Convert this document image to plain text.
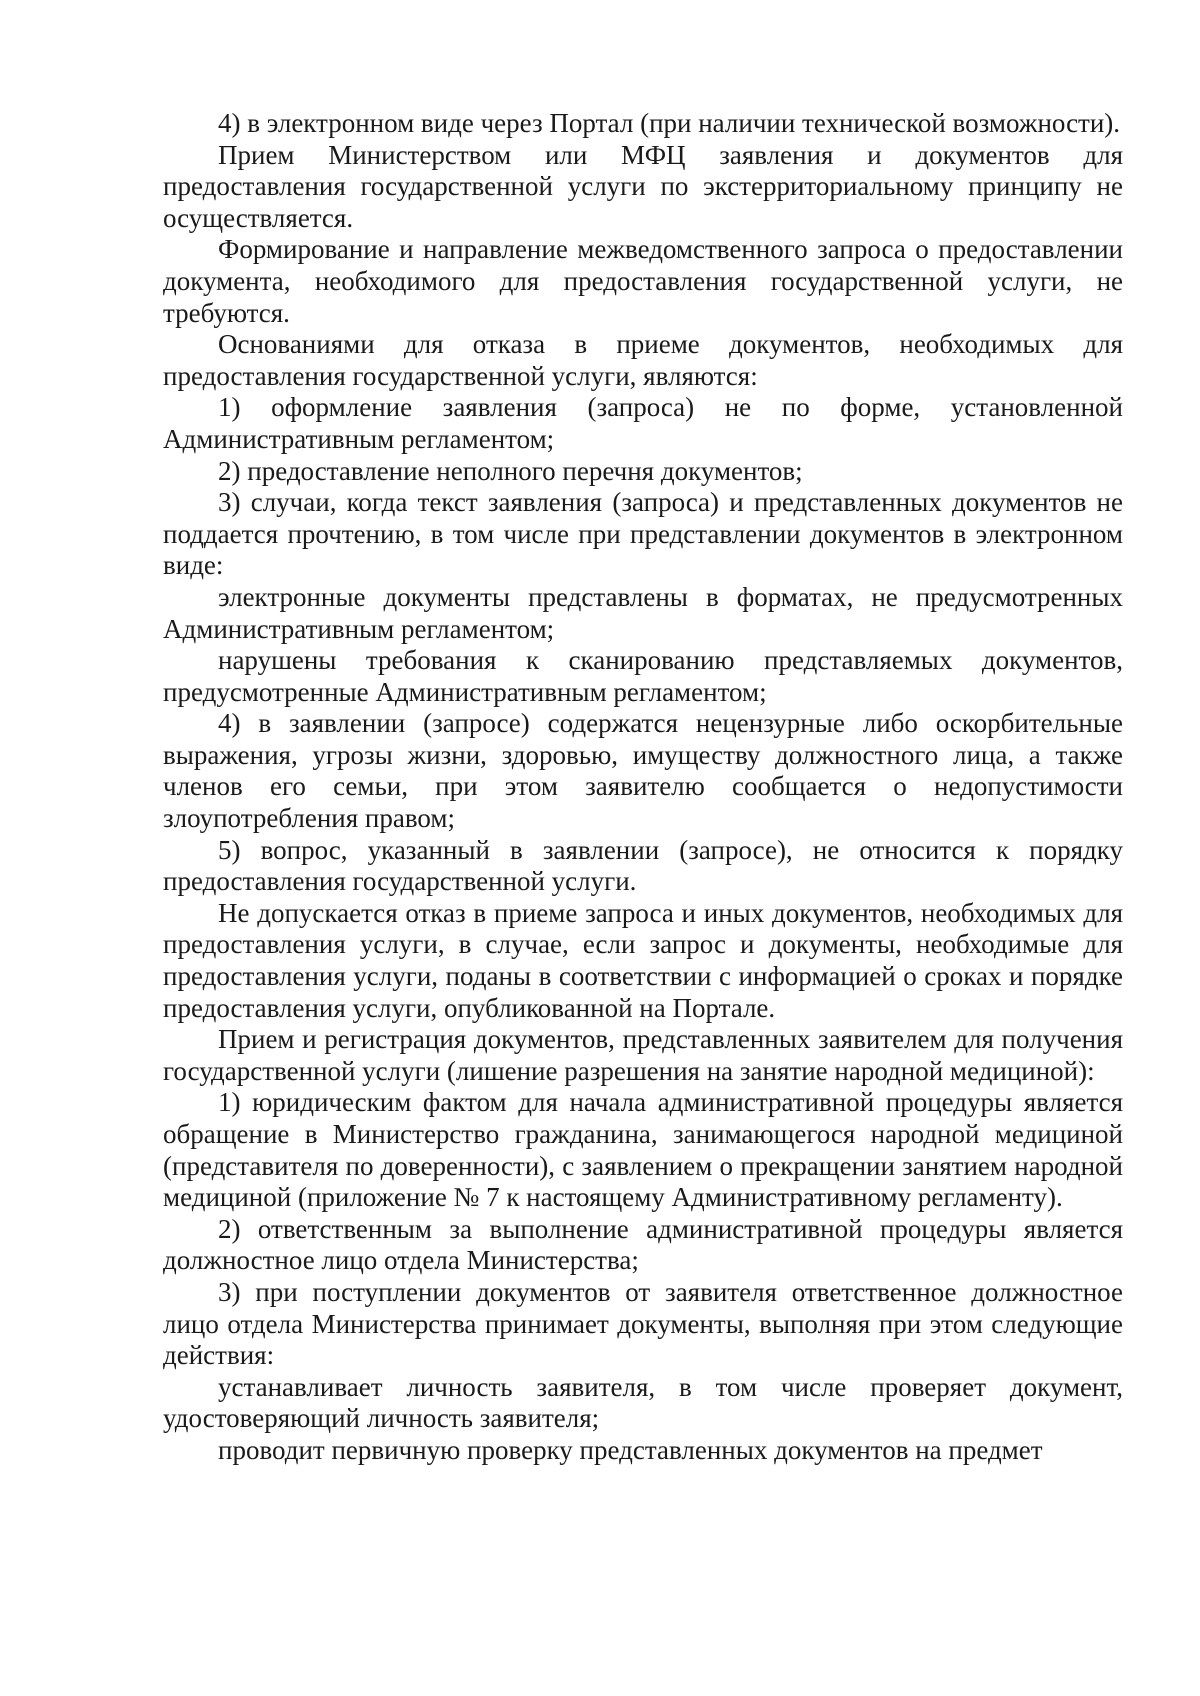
4) в электронном виде через Портал (при наличии технической возможности).

Прием Министерством или МФЦ заявления и документов для предоставления государственной услуги по экстерриториальному принципу не осуществляется.

Формирование и направление межведомственного запроса о предоставлении документа, необходимого для предоставления государственной услуги, не требуются.

Основаниями для отказа в приеме документов, необходимых для предоставления государственной услуги, являются:

1) оформление заявления (запроса) не по форме, установленной Административным регламентом;

2) предоставление неполного перечня документов;

3) случаи, когда текст заявления (запроса) и представленных документов не поддается прочтению, в том числе при представлении документов в электронном виде:

электронные документы представлены в форматах, не предусмотренных Административным регламентом;

нарушены требования к сканированию представляемых документов, предусмотренные Административным регламентом;

4) в заявлении (запросе) содержатся нецензурные либо оскорбительные выражения, угрозы жизни, здоровью, имуществу должностного лица, а также членов его семьи, при этом заявителю сообщается о недопустимости злоупотребления правом;

5) вопрос, указанный в заявлении (запросе), не относится к порядку предоставления государственной услуги.

Не допускается отказ в приеме запроса и иных документов, необходимых для предоставления услуги, в случае, если запрос и документы, необходимые для предоставления услуги, поданы в соответствии с информацией о сроках и порядке предоставления услуги, опубликованной на Портале.

Прием и регистрация документов, представленных заявителем для получения государственной услуги (лишение разрешения на занятие народной медициной):

1) юридическим фактом для начала административной процедуры является обращение в Министерство гражданина, занимающегося народной медициной (представителя по доверенности), с заявлением о прекращении занятием народной медициной (приложение № 7 к настоящему Административному регламенту).

2) ответственным за выполнение административной процедуры является должностное лицо отдела Министерства;

3) при поступлении документов от заявителя ответственное должностное лицо отдела Министерства принимает документы, выполняя при этом следующие действия:

устанавливает личность заявителя, в том числе проверяет документ, удостоверяющий личность заявителя;

проводит первичную проверку представленных документов на предмет
